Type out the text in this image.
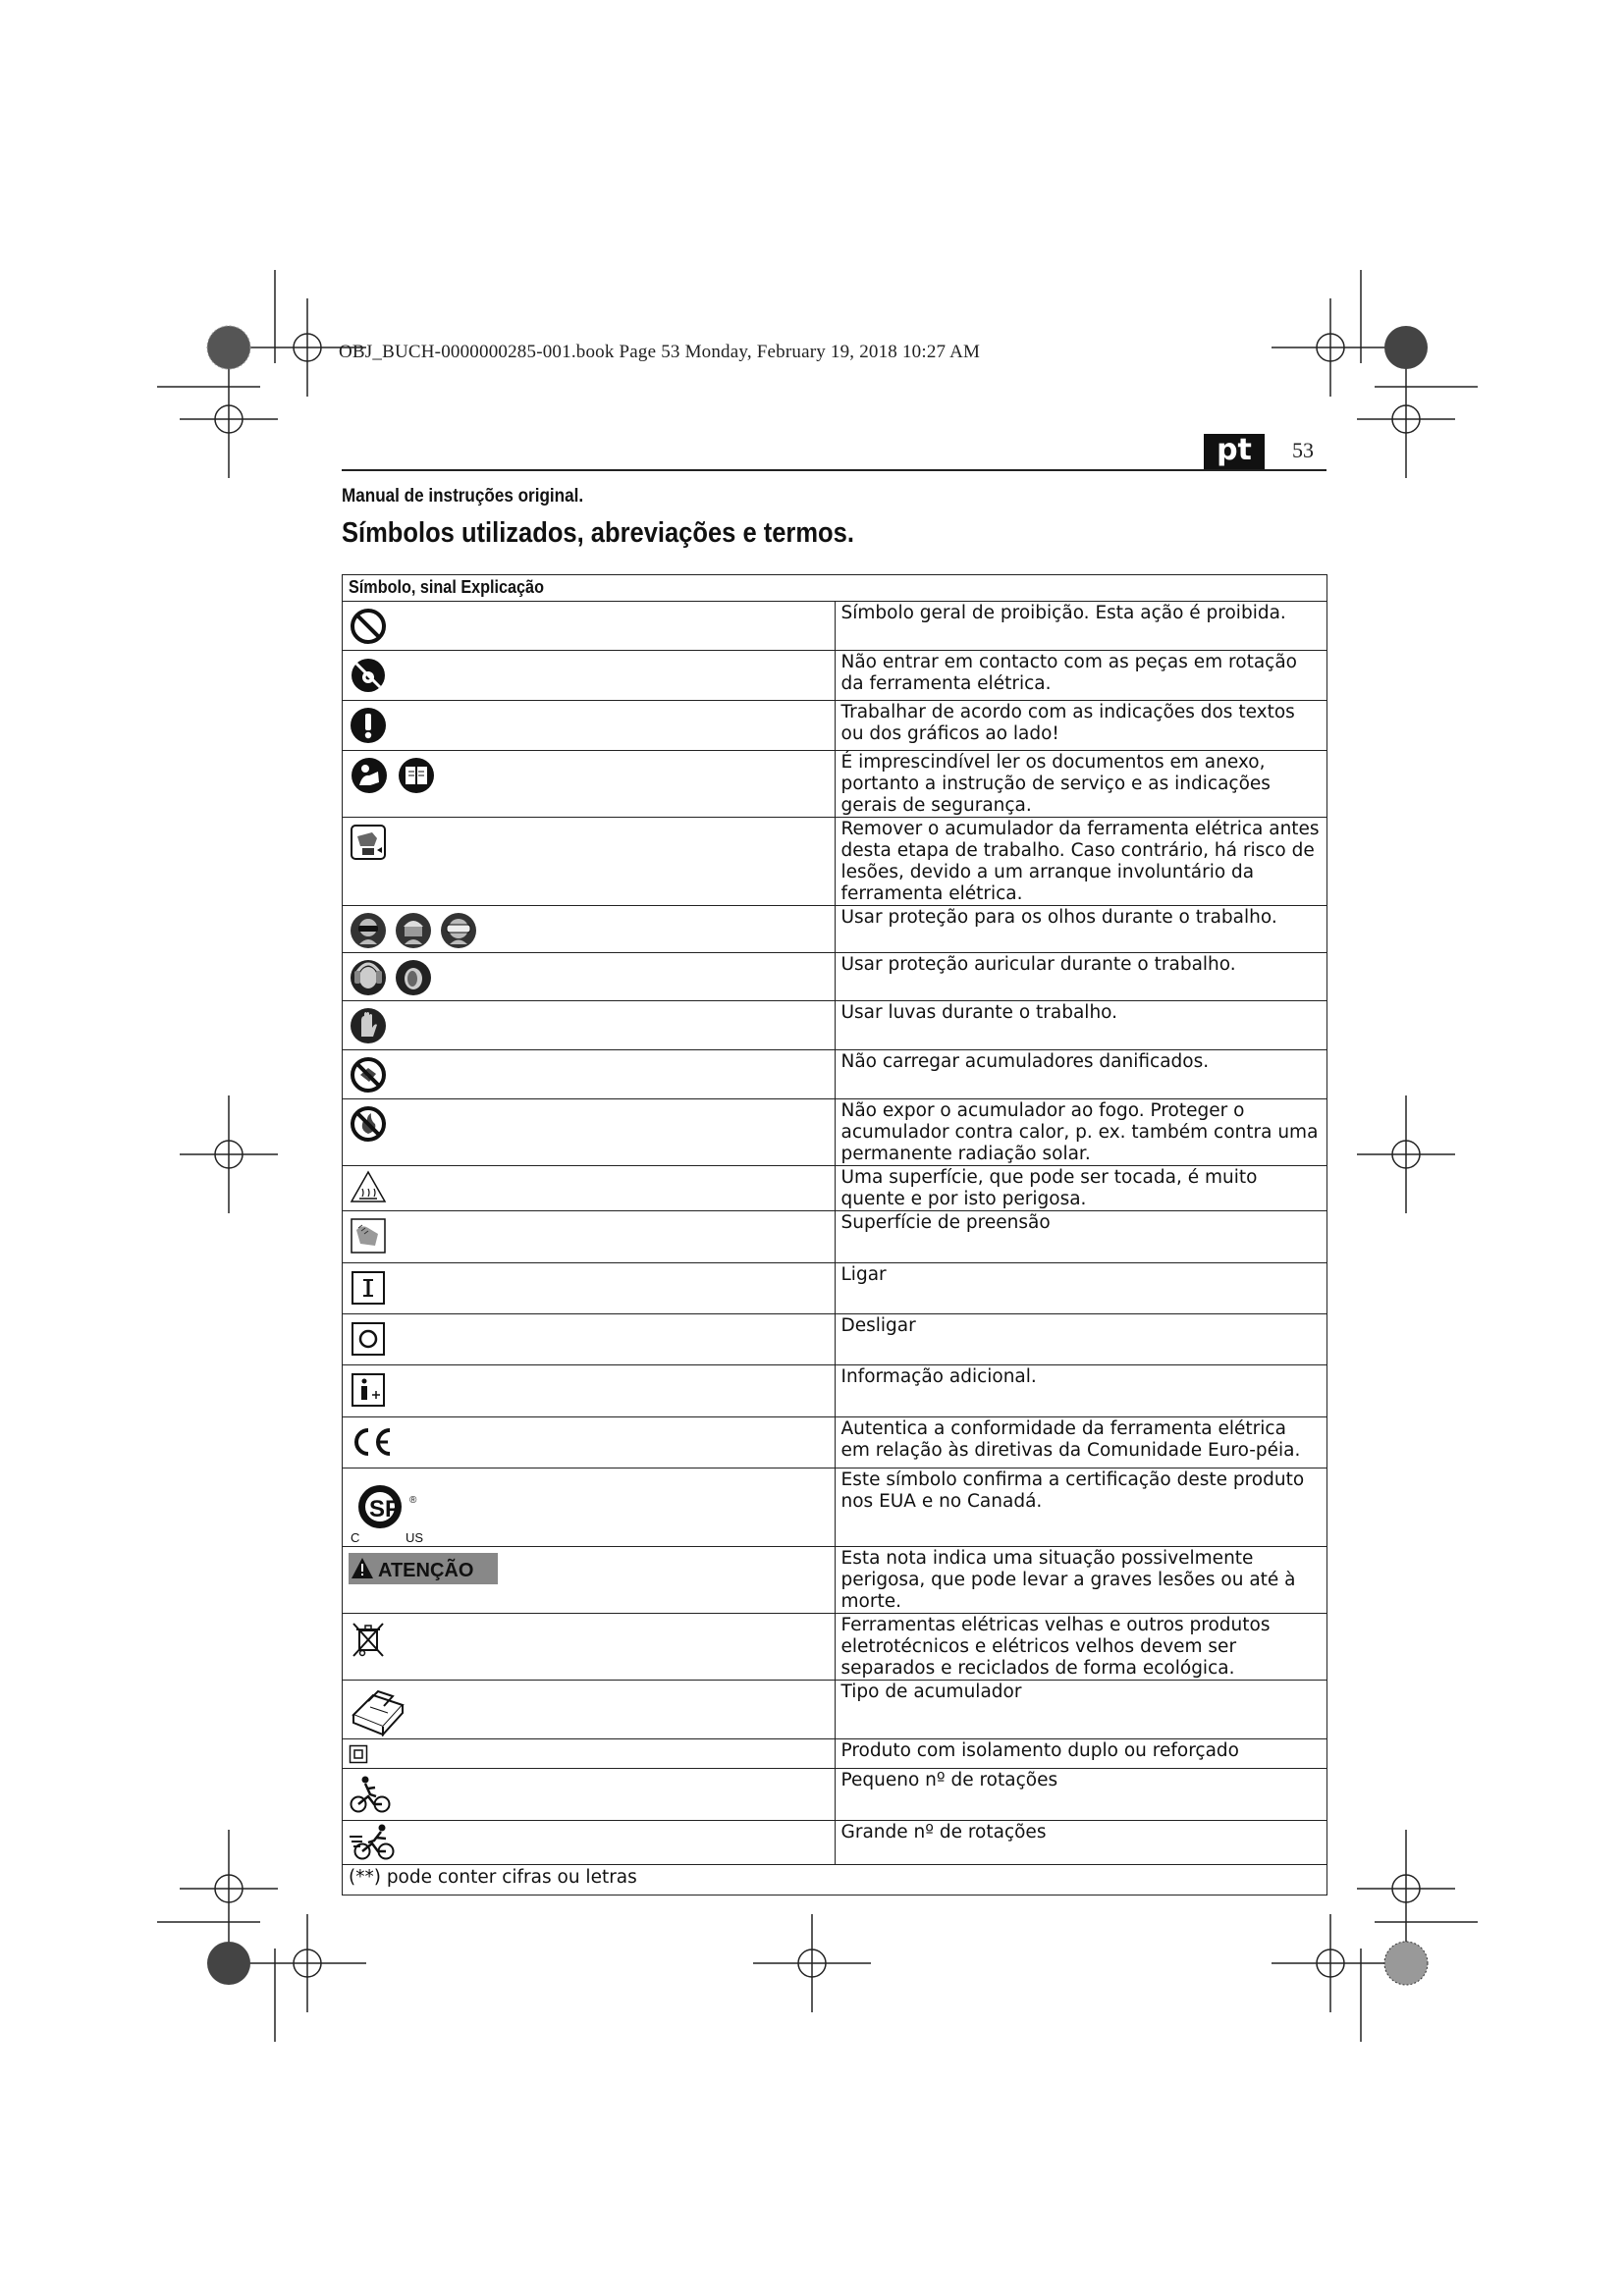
OBJ_BUCH-0000000285-001.book Page 53 Monday, February 19, 2018 10:27 AM
pt	53
Manual de instruções original.
Símbolos utilizados, abreviações e termos.
Símbolo, sinal Explicação	

	Símbolo geral de proibição. Esta ação é proibida.

	Não entrar em contacto com as peças em rotação da ferramenta elétrica.

	Trabalhar de acordo com as indicações dos textos ou dos gráficos ao lado!

	É imprescindível ler os documentos em anexo, portanto a instrução de serviço e as indicações gerais de segurança.

	Remover o acumulador da ferramenta elétrica antes desta etapa de trabalho. Caso contrário, há risco de lesões, devido a um arranque involuntário da ferramenta elétrica.

	Usar proteção para os olhos durante o trabalho.

	Usar proteção auricular durante o trabalho.

	Usar luvas durante o trabalho.

	Não carregar acumuladores danificados.

	Não expor o acumulador ao fogo. Proteger o acumulador contra calor, p. ex. também contra uma permanente radiação solar.

	Uma superfície, que pode ser tocada, é muito quente e por isto perigosa.

	Superfície de preensão

	Ligar

	Desligar

	Informação adicional.

	Autentica a conformidade da ferramenta elétrica em relação às diretivas da Comunidade Euro-péia.

SP ®
C US	Este símbolo confirma a certificação deste produto nos EUA e no Canadá.

ATENÇÃO	Esta nota indica uma situação possivelmente perigosa, que pode levar a graves lesões ou até à morte.

	Ferramentas elétricas velhas e outros produtos eletrotécnicos e elétricos velhos devem ser separados e reciclados de forma ecológica.

	Tipo de acumulador

	Produto com isolamento duplo ou reforçado

	Pequeno nº de rotações

	Grande nº de rotações
(**) pode conter cifras ou letras	
